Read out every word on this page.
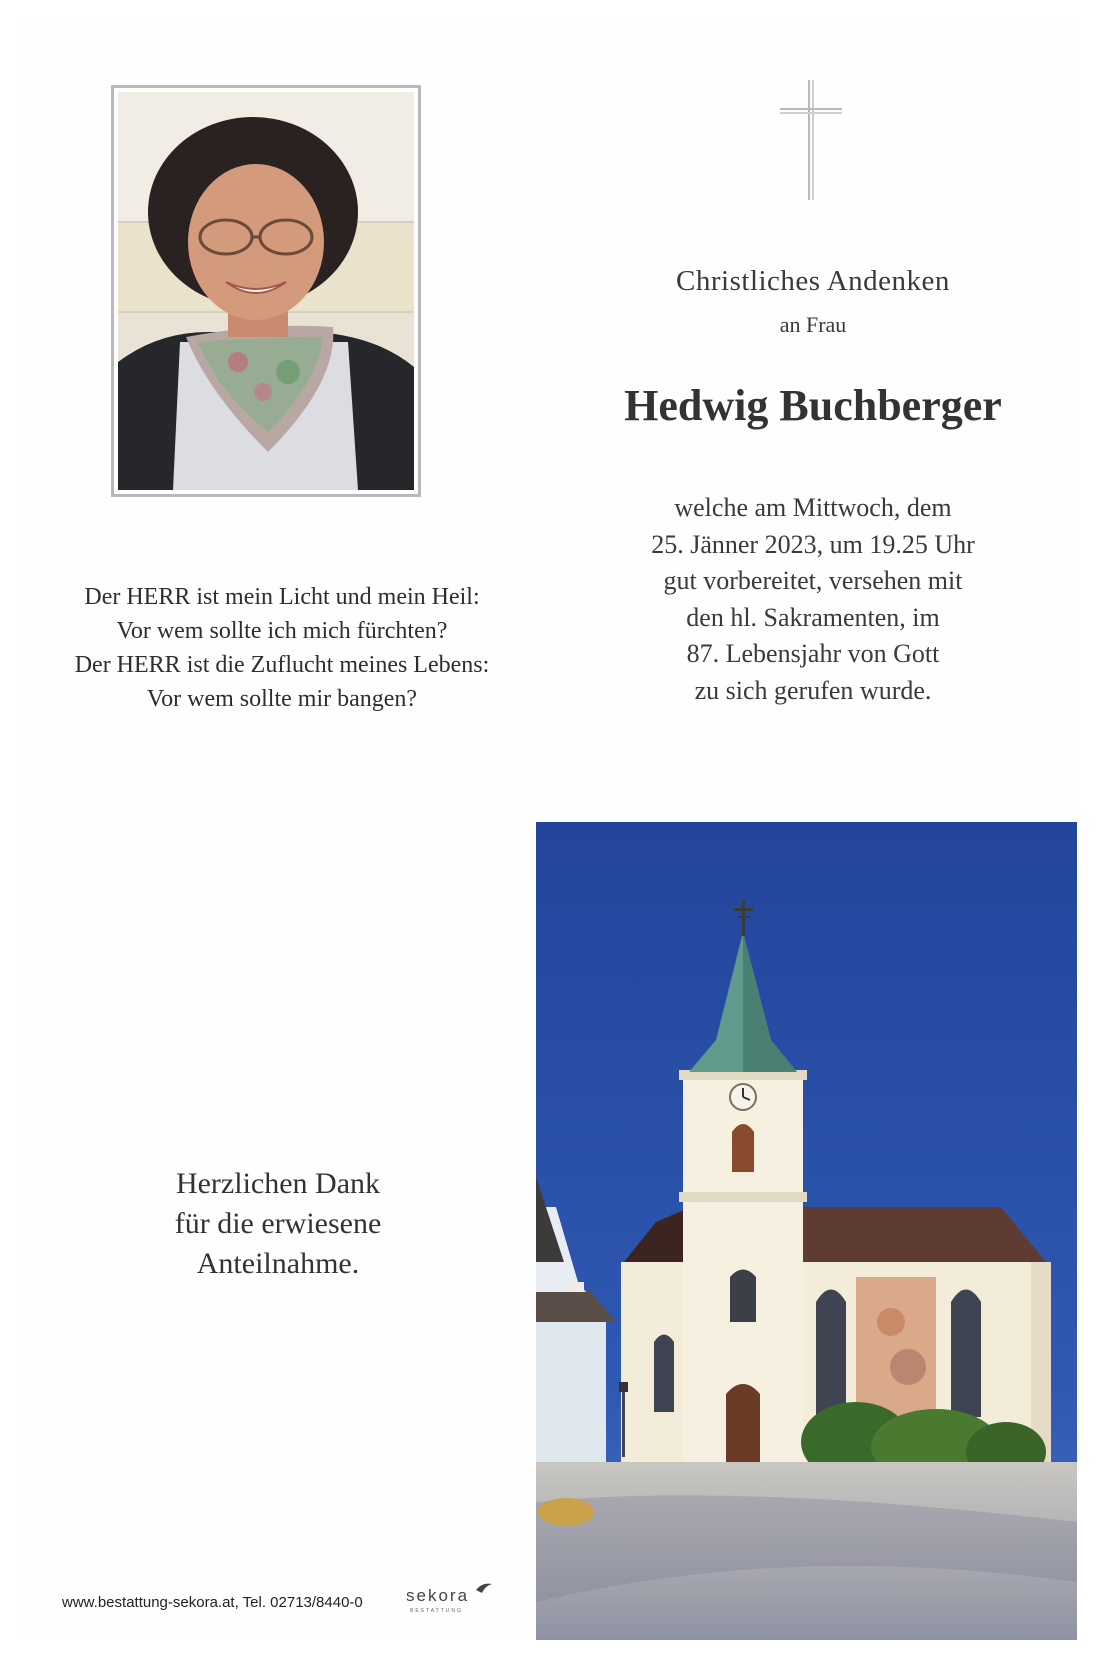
Der HERR ist mein Licht und mein Heil:
Vor wem sollte ich mich fürchten?
Der HERR ist die Zuflucht meines Lebens:
Vor wem sollte mir bangen?
Christliches Andenken
an Frau
Hedwig Buchberger
welche am Mittwoch, dem
25. Jänner 2023, um 19.25 Uhr
gut vorbereitet, versehen mit
den hl. Sakramenten, im
87. Lebensjahr von Gott
zu sich gerufen wurde.
Herzlichen Dank
für die erwiesene
Anteilnahme.
www.bestattung-sekora.at, Tel. 02713/8440-0	sekora
BESTATTUNG
